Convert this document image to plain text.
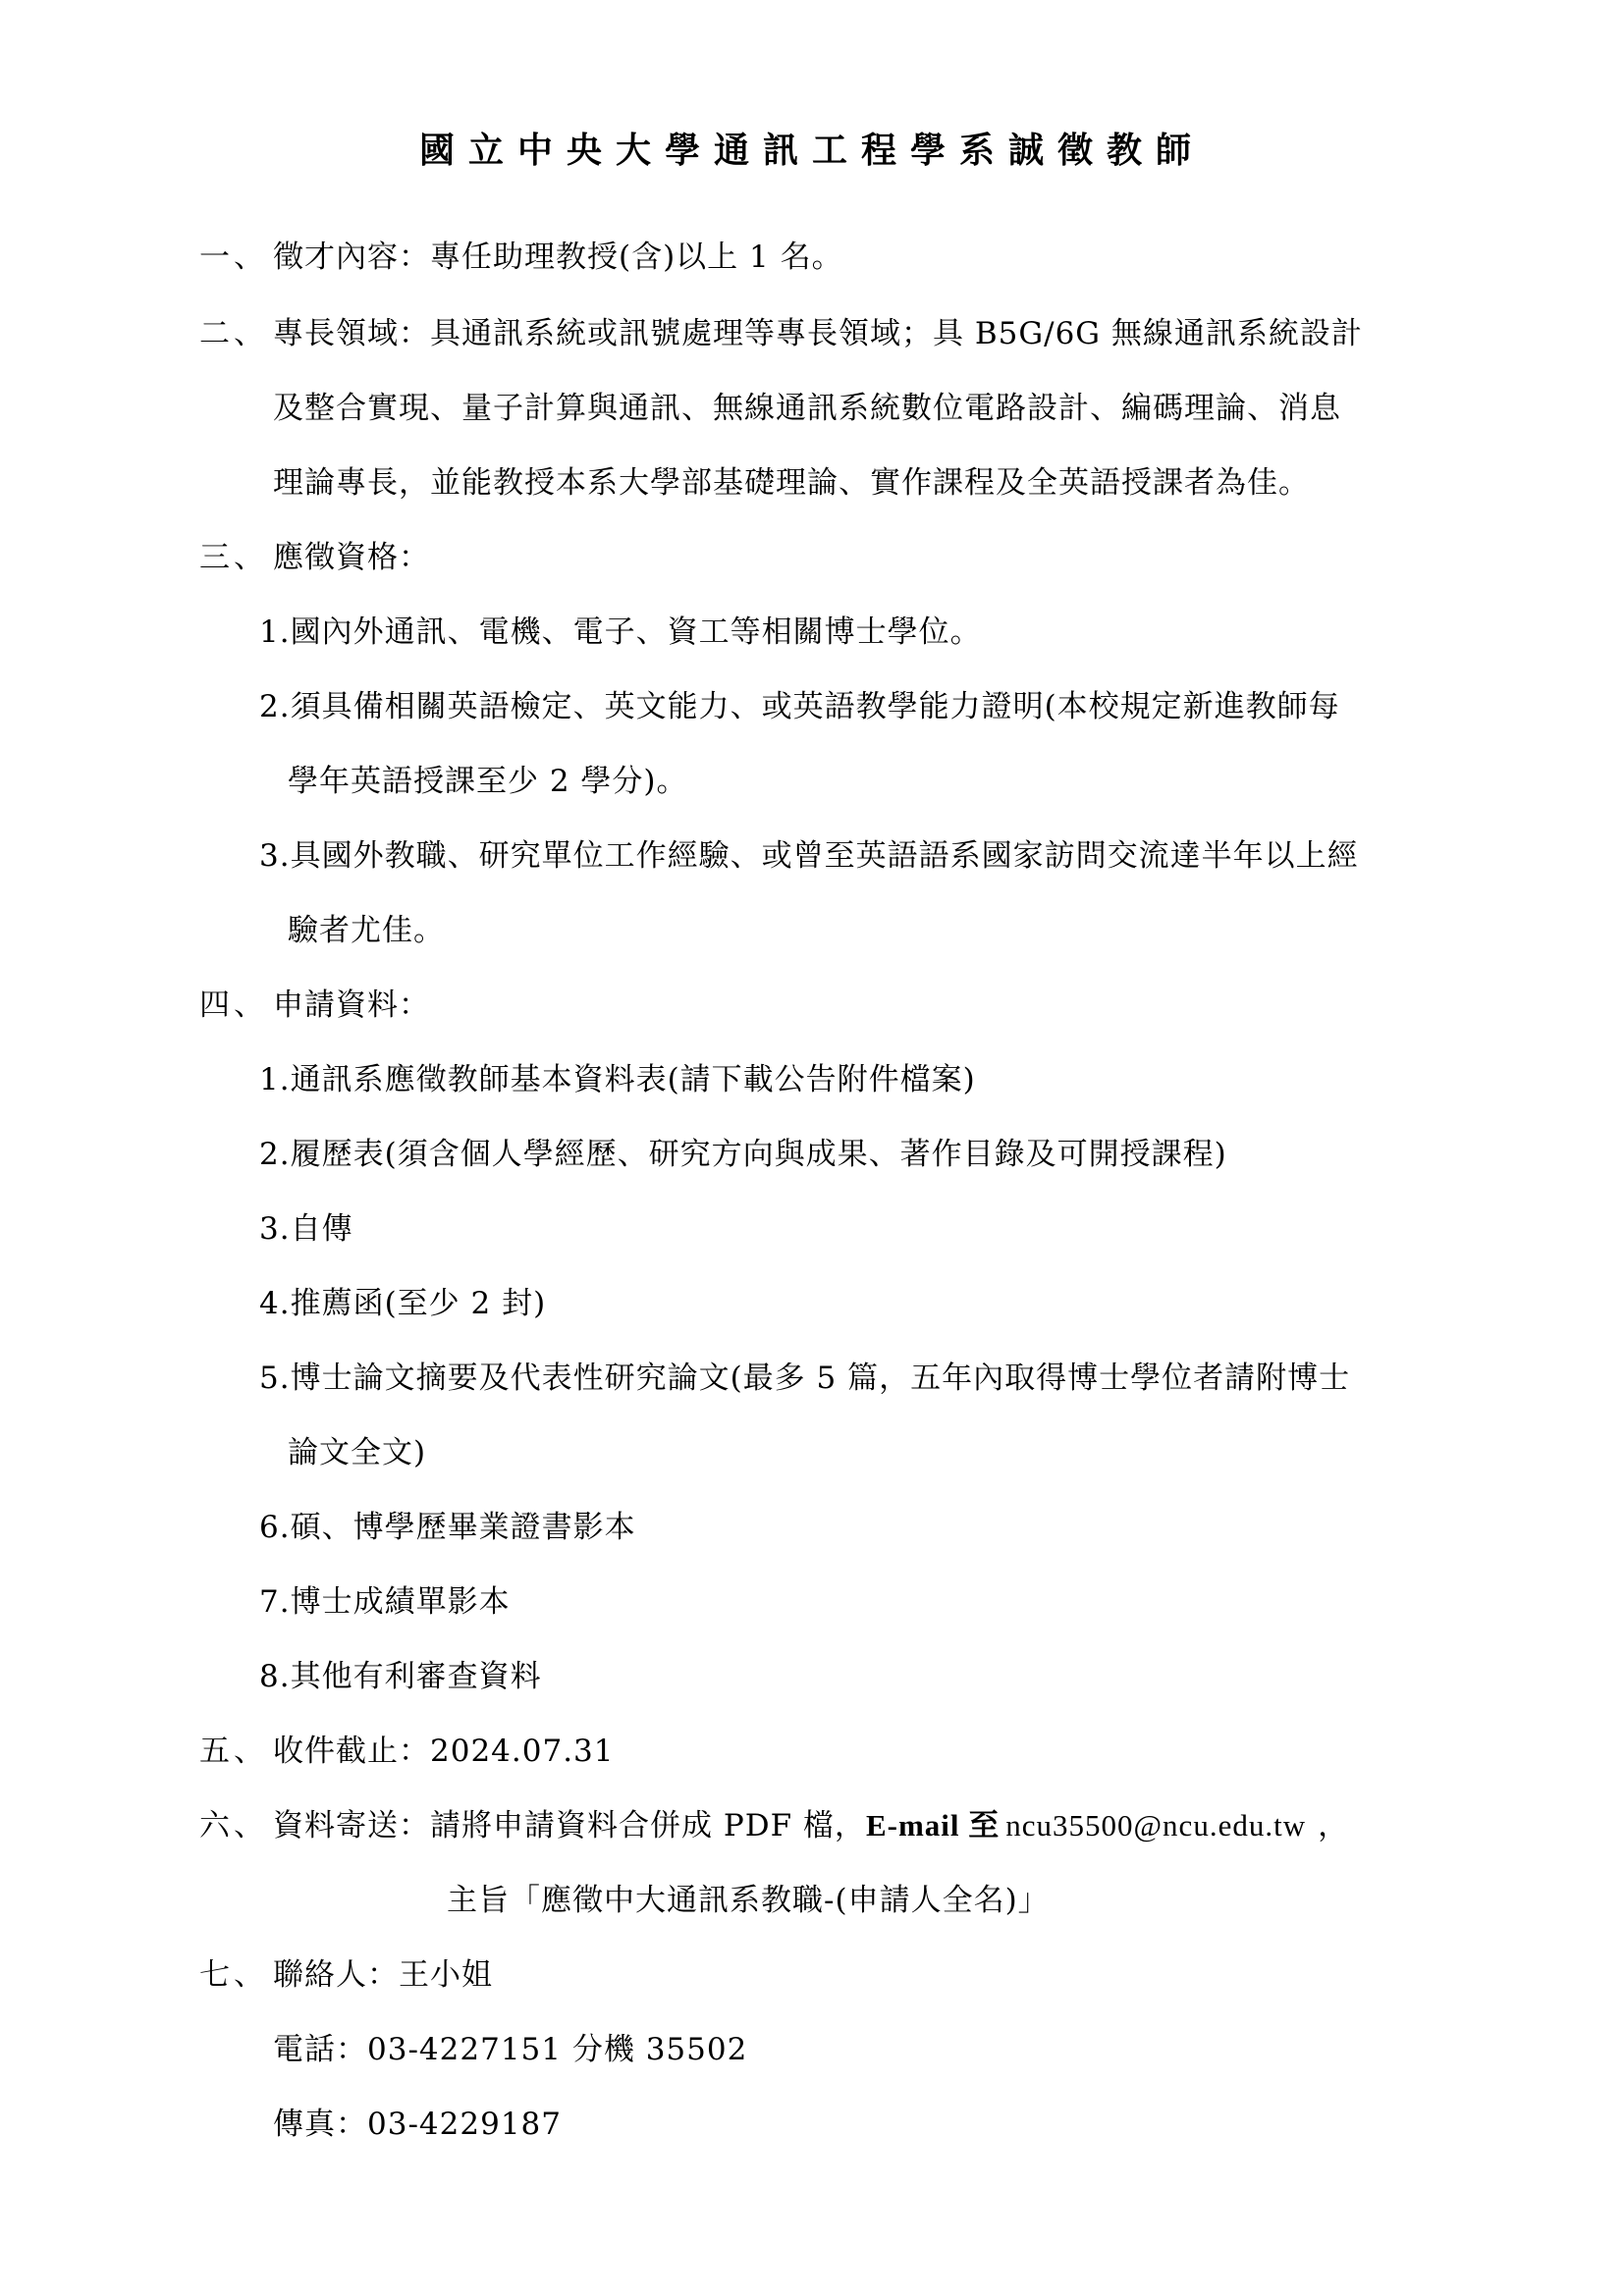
國立中央大學通訊工程學系誠徵教師
一、 徵才內容：專任助理教授(含)以上 1 名。
二、 專長領域：具通訊系統或訊號處理等專長領域；具 B5G/6G 無線通訊系統設計
及整合實現、量子計算與通訊、無線通訊系統數位電路設計、編碼理論、消息
理論專長，並能教授本系大學部基礎理論、實作課程及全英語授課者為佳。
三、 應徵資格：
1.國內外通訊、電機、電子、資工等相關博士學位。
2.須具備相關英語檢定、英文能力、或英語教學能力證明(本校規定新進教師每
學年英語授課至少 2 學分)。
3.具國外教職、研究單位工作經驗、或曾至英語語系國家訪問交流達半年以上經
驗者尤佳。
四、 申請資料：
1.通訊系應徵教師基本資料表(請下載公告附件檔案)
2.履歷表(須含個人學經歷、研究方向與成果、著作目錄及可開授課程)
3.自傳
4.推薦函(至少 2 封)
5.博士論文摘要及代表性研究論文(最多 5 篇，五年內取得博士學位者請附博士
論文全文)
6.碩、博學歷畢業證書影本
7.博士成績單影本
8.其他有利審查資料
五、 收件截止：2024.07.31
六、 資料寄送：請將申請資料合併成 PDF 檔，E-mail 至 ncu35500@ncu.edu.tw ，
主旨「應徵中大通訊系教職-(申請人全名)」
七、 聯絡人：王小姐
電話：03-4227151 分機 35502
傳真：03-4229187
